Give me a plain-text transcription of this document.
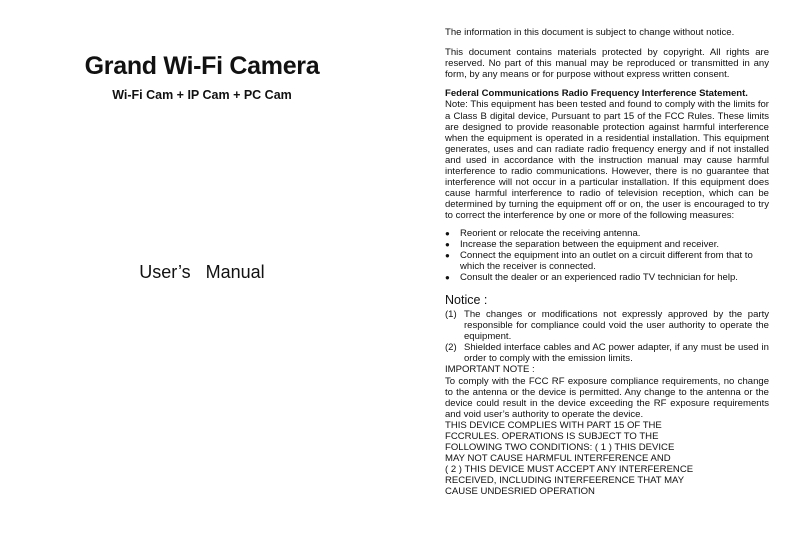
Grand Wi-Fi Camera

Wi-Fi Cam + IP Cam + PC Cam

User’s Manual

The information in this document is subject to change without notice.

This document contains materials protected by copyright. All rights are reserved. No part of this manual may be reproduced or transmitted in any form, by any means or for purpose without express written consent.

Federal Communications Radio Frequency Interference Statement.

Note: This equipment has been tested and found to comply with the limits for a Class B digital device, Pursuant to part 15 of the FCC Rules. These limits are designed to provide reasonable protection against harmful interference when the equipment is operated in a residential installation. This equipment generates, uses and can radiate radio frequency energy and if not installed and used in accordance with the instruction manual may cause harmful interference to radio communications. However, there is no guarantee that interference will not occur in a particular installation. If this equipment does cause harmful interference to radio of television reception, which can be determined by turning the equipment off or on, the user is encouraged to try to correct the interference by one or more of the following measures:

● Reorient or relocate the receiving antenna.
● Increase the separation between the equipment and receiver.
● Connect the equipment into an outlet on a circuit different from that to which the receiver is connected.
● Consult the dealer or an experienced radio TV technician for help.

Notice :

(1) The changes or modifications not expressly approved by the party responsible for compliance could void the user authority to operate the equipment.
(2) Shielded interface cables and AC power adapter, if any must be used in order to comply with the emission limits.

IMPORTANT NOTE :

To comply with the FCC RF exposure compliance requirements, no change to the antenna or the device is permitted. Any change to the antenna or the device could result in the device exceeding the RF exposure requirements and void user’s authority to operate the device.

THIS DEVICE COMPLIES WITH PART 15 OF THE

FCCRULES. OPERATIONS IS SUBJECT TO THE

FOLLOWING TWO CONDITIONS: ( 1 ) THIS DEVICE

MAY NOT CAUSE HARMFUL INTERFERENCE AND

( 2 ) THIS DEVICE MUST ACCEPT ANY INTERFERENCE

RECEIVED, INCLUDING INTERFEERENCE THAT MAY

CAUSE UNDESRIED OPERATION
